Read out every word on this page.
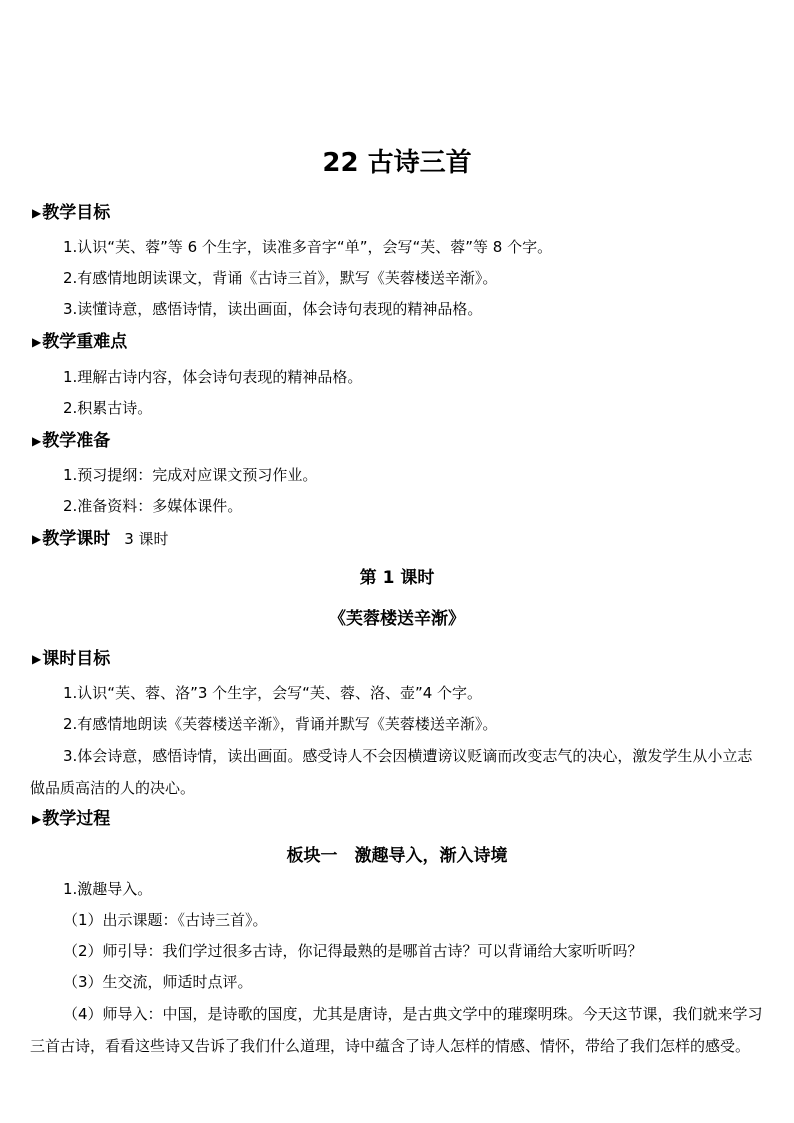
22 古诗三首
▶教学目标
1.认识“芙、蓉”等 6 个生字，读准多音字“单”，会写“芙、蓉”等 8 个字。
2.有感情地朗读课文，背诵《古诗三首》，默写《芙蓉楼送辛渐》。
3.读懂诗意，感悟诗情，读出画面，体会诗句表现的精神品格。
▶教学重难点
1.理解古诗内容，体会诗句表现的精神品格。
2.积累古诗。
▶教学准备
1.预习提纲：完成对应课文预习作业。
2.准备资料：多媒体课件。
▶教学课时 3 课时
第 1 课时
《芙蓉楼送辛渐》
▶课时目标
1.认识“芙、蓉、洛”3 个生字，会写“芙、蓉、洛、壶”4 个字。
2.有感情地朗读《芙蓉楼送辛渐》，背诵并默写《芙蓉楼送辛渐》。
3.体会诗意，感悟诗情，读出画面。感受诗人不会因横遭谤议贬谪而改变志气的决心，激发学生从小立志做品质高洁的人的决心。
▶教学过程
板块一　激趣导入，渐入诗境
1.激趣导入。
（1）出示课题：《古诗三首》。
（2）师引导：我们学过很多古诗，你记得最熟的是哪首古诗？可以背诵给大家听听吗？
（3）生交流，师适时点评。
（4）师导入：中国，是诗歌的国度，尤其是唐诗，是古典文学中的璀璨明珠。今天这节课，我们就来学习三首古诗，看看这些诗又告诉了我们什么道理，诗中蕴含了诗人怎样的情感、情怀，带给了我们怎样的感受。
